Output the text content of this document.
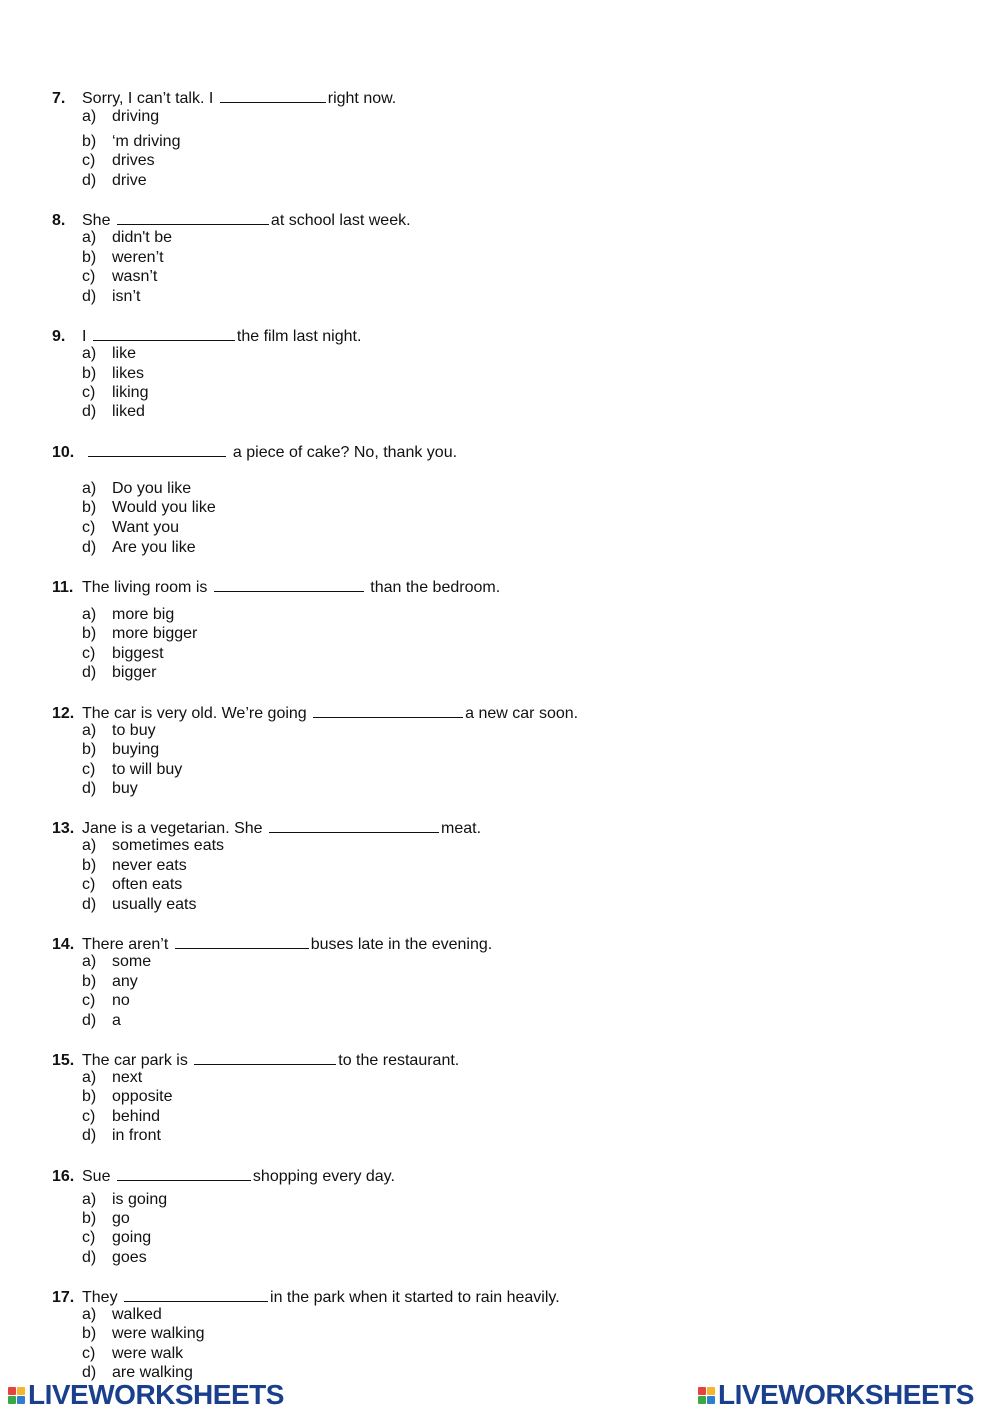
7. Sorry, I can’t talk. I	right now.
a) driving
b) ‘m driving
c) drives
d) drive
8. She	at school last week.
a) didn't be
b) weren’t
c) wasn’t
d) isn’t
9. I	the film last night.
a) like
b) likes
c) liking
d) liked
10.	a piece of cake? No, thank you.
a) Do you like
b) Would you like
c) Want you
d) Are you like
11. The living room is	than the bedroom.
a) more big
b) more bigger
c) biggest
d) bigger
12. The car is very old. We’re going	a new car soon.
a) to buy
b) buying
c) to will buy
d) buy
13. Jane is a vegetarian. She	meat.
a) sometimes eats
b) never eats
c) often eats
d) usually eats
14. There aren’t	buses late in the evening.
a) some
b) any
c) no
d) a
15. The car park is	to the restaurant.
a) next
b) opposite
c) behind
d) in front
16. Sue	shopping every day.
a) is going
b) go
c) going
d) goes
17. They	in the park when it started to rain heavily.
a) walked
b) were walking
c) were walk
d) are walking
LIVEWORKSHEETS	LIVEWORKSHEETS
